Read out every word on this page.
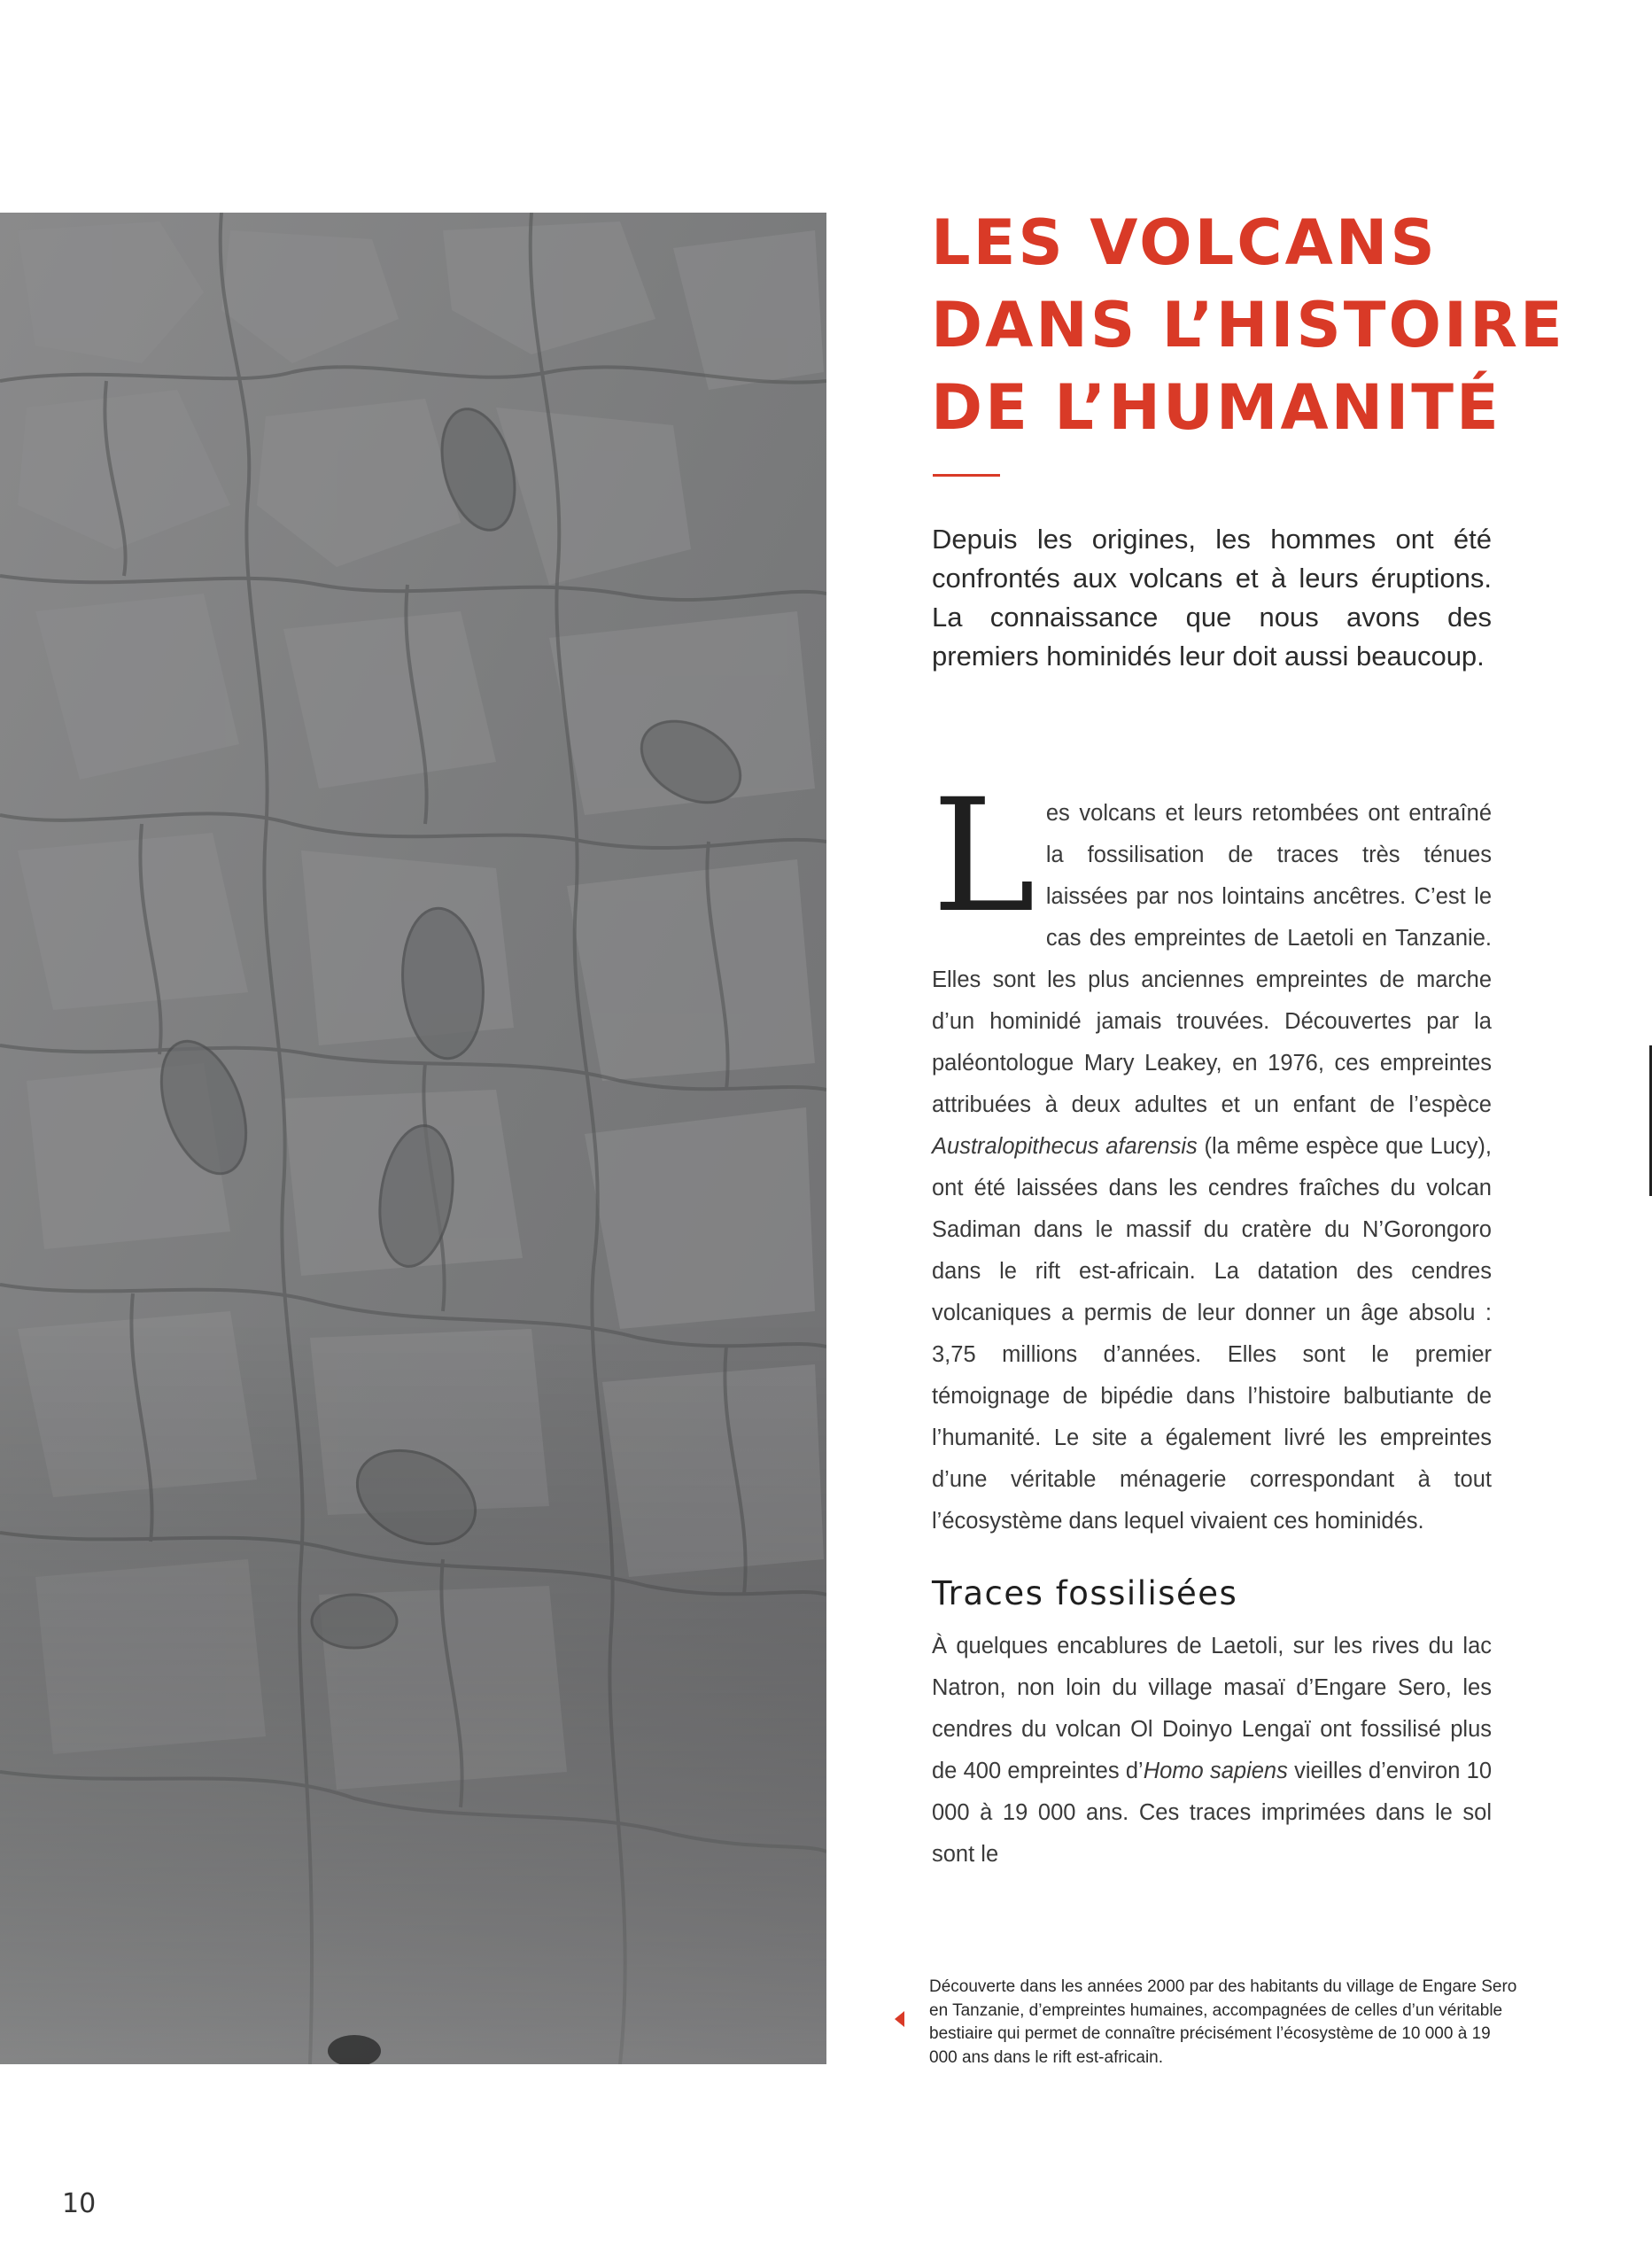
LES VOLCANS
DANS L’HISTOIRE
DE L’HUMANITÉ

Depuis les origines, les hommes ont été confrontés aux volcans et à leurs éruptions. La connaissance que nous avons des premiers hominidés leur doit aussi beaucoup.

Les volcans et leurs retombées ont entraîné la fossilisation de traces très ténues laissées par nos lointains ancêtres. C’est le cas des empreintes de Laetoli en Tanzanie. Elles sont les plus anciennes empreintes de marche d’un hominidé jamais trouvées. Découvertes par la paléontologue Mary Leakey, en 1976, ces empreintes attribuées à deux adultes et un enfant de l’espèce Australopithecus afarensis (la même espèce que Lucy), ont été laissées dans les cendres fraîches du volcan Sadiman dans le massif du cratère du N’Gorongoro dans le rift est-africain. La datation des cendres volcaniques a permis de leur donner un âge absolu : 3,75 millions d’années. Elles sont le premier témoignage de bipédie dans l’histoire balbutiante de l’humanité. Le site a également livré les empreintes d’une véritable ménagerie correspondant à tout l’écosystème dans lequel vivaient ces hominidés.

Traces fossilisées

À quelques encablures de Laetoli, sur les rives du lac Natron, non loin du village masaï d’Engare Sero, les cendres du volcan Ol Doinyo Lengaï ont fossilisé plus de 400 empreintes d’Homo sapiens vieilles d’environ 10 000 à 19 000 ans. Ces traces imprimées dans le sol sont le

Découverte dans les années 2000 par des habitants du village de Engare Sero en Tanzanie, d’empreintes humaines, accompagnées de celles d’un véritable bestiaire qui permet de connaître précisément l’écosystème de 10 000 à 19 000 ans dans le rift est-africain.

10
